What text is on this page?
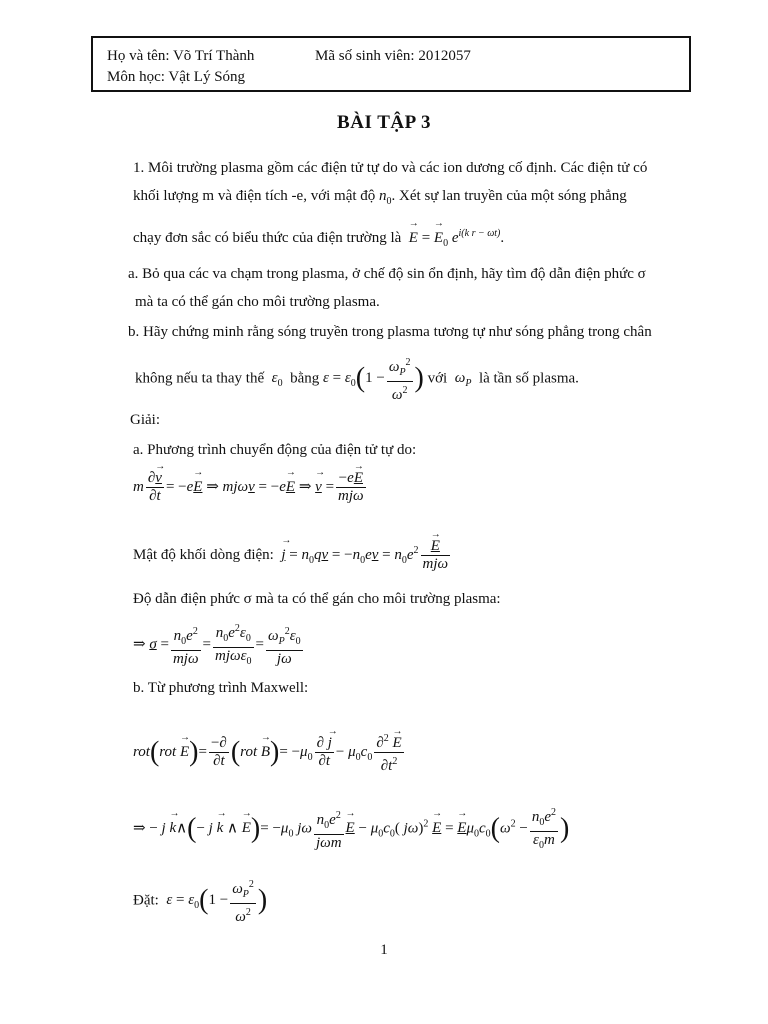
Họ và tên: Võ Trí Thành	Mã số sinh viên: 2012057
Môn học: Vật Lý Sóng
BÀI TẬP 3
1. Môi trường plasma gồm các điện tử tự do và các ion dương cố định. Các điện tử có
khối lượng m và điện tích -e, với mật độ $n_0$. Xét sự lan truyền của một sóng phẳng
chạy đơn sắc có biểu thức của điện trường là  → E = → $E_0$ $e^{i(k r - \omega t)}$.
a. Bỏ qua các va chạm trong plasma, ở chế độ sin ổn định, hãy tìm độ dẫn điện phức σ
mà ta có thể gán cho môi trường plasma.
b. Hãy chứng minh rằng sóng truyền trong plasma tương tự như sóng phẳng trong chân
không nếu ta thay thế  $\varepsilon_0$ bằng $\varepsilon = \varepsilon_0(1 - \frac{\omega_P^2}{\omega^2}$ ) với  $\omega_P$ là tần số plasma.
Giải:
a. Phương trình chuyển động của điện tử tự do:
m $\frac{\partial\to v}{\partial t} = -e\to E$ ⇒ mjωv = −e→ E ⇒ → $v = \frac{-e\to E}{\text{mjω}}$
Mật độ khối dòng điện:  → $j = n_0qv = -n_0ev = n_0e^2$
→ $\frac{E}{\text{mjω}}$
Độ dẫn điện phức σ mà ta có thể gán cho môi trường plasma:
⇒ $\sigma = \frac{n_0e^2}{\text{mjω}} = \frac{n_0e^2\varepsilon_0}{mj\omega\varepsilon_0} = \frac{\omega_P^2\varepsilon_0}{j\omega}$
b. Từ phương trình Maxwell:
$rot(rot \to E)= \frac{-\partial}{\partial t} (rot \to B)= -\mu_0 \frac{\partial \to j}{\partial t} - \mu_0c_0 \frac{\partial^2 \to E}{\partial t^2}$
⇒ − j → k∧(− j → k ∧ → $E)= -\mu_0$ jω $\frac{n_0e^2}{\text{jωm}}$
→ $E - \mu_0c_0$( jω)$^2$ → E = → $E\mu_0c_0(\omega^2 - \frac{n_0e^2}{\varepsilon_0m}$ )
Đặt:  $\varepsilon = \varepsilon_0(1 - \frac{\omega_P^2}{\omega^2}$ )
1
